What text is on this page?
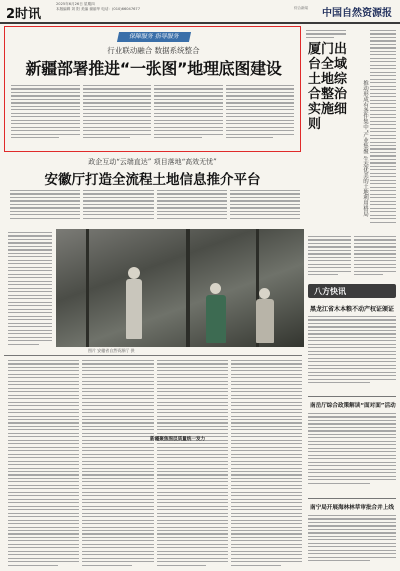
2时讯
2025年6月26日 星期四
本版编辑 刘 阳 美编 谢丽华 电话：(010)66047677	综合新闻 中国自然资源报
保障服务 指导服务
行业联动融合 数据系统整合
新疆部署推进“一张图”地理底图建设
厦门出台全域土地综合整治实施细则	推动形成有条件集中“产业集聚 生态优美的土地利用格局
政企互动“云端直达” 项目落地“高效无忧”
安徽厅打造全流程土地信息推介平台
图片 安徽省自然资源厅 供
八方快讯
黑龙江省木本粮不动产权证颁证
南岳厅综合政策解读“面对面”活动
南宁局开展海林林草审批合并上线
新疆聚焦图层质量统一发力
